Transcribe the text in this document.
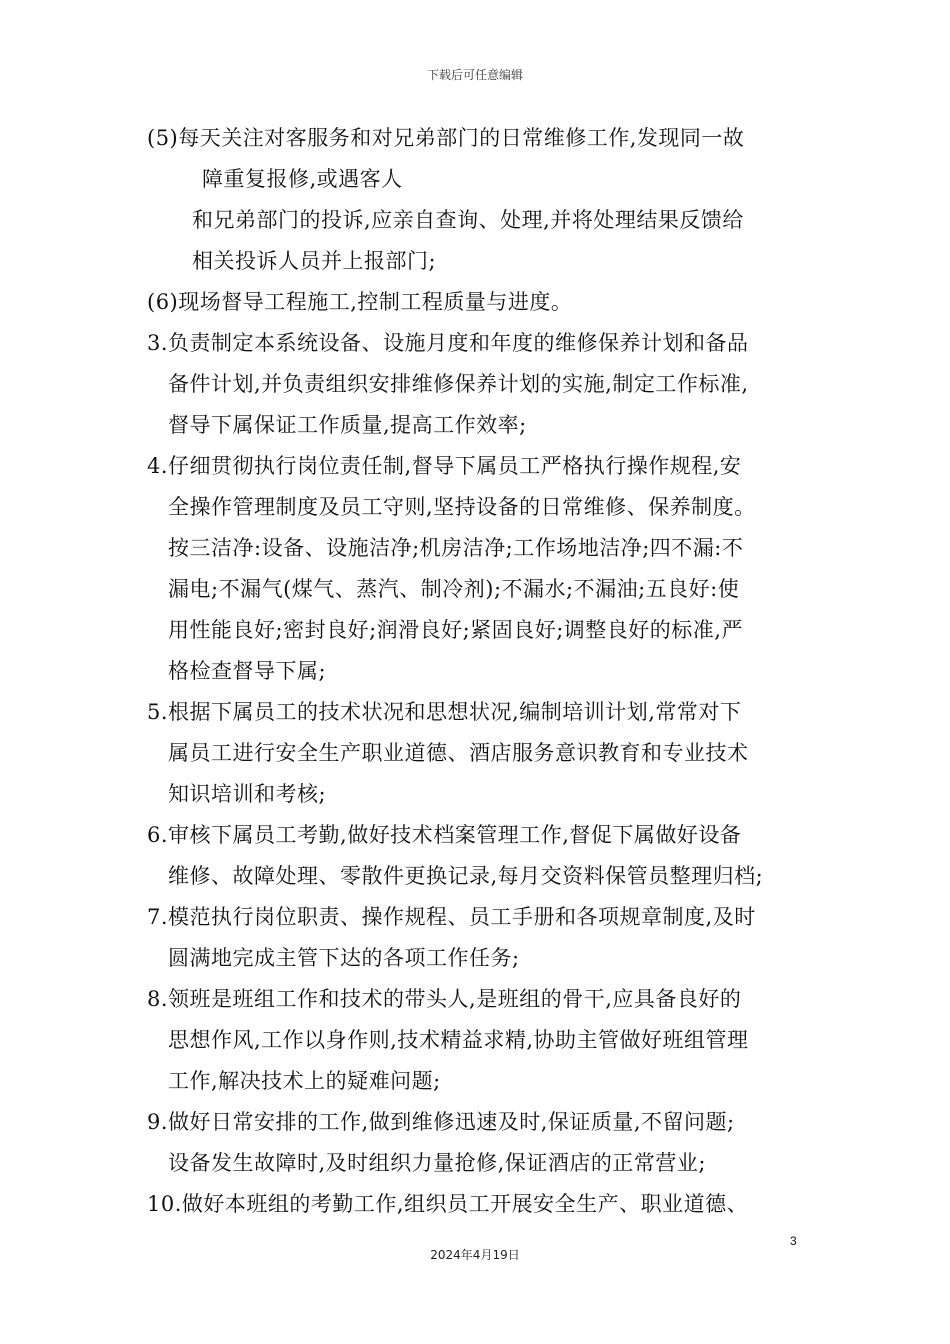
下载后可任意编辑
(5)每天关注对客服务和对兄弟部门的日常维修工作,发现同一故
障重复报修,或遇客人
和兄弟部门的投诉,应亲自查询、处理,并将处理结果反馈给
相关投诉人员并上报部门;
(6)现场督导工程施工,控制工程质量与进度。
3.负责制定本系统设备、设施月度和年度的维修保养计划和备品
备件计划,并负责组织安排维修保养计划的实施,制定工作标准,
督导下属保证工作质量,提高工作效率;
4.仔细贯彻执行岗位责任制,督导下属员工严格执行操作规程,安
全操作管理制度及员工守则,坚持设备的日常维修、保养制度。
按三洁净:设备、设施洁净;机房洁净;工作场地洁净;四不漏:不
漏电;不漏气(煤气、蒸汽、制冷剂);不漏水;不漏油;五良好:使
用性能良好;密封良好;润滑良好;紧固良好;调整良好的标准,严
格检查督导下属;
5.根据下属员工的技术状况和思想状况,编制培训计划,常常对下
属员工进行安全生产职业道德、酒店服务意识教育和专业技术
知识培训和考核;
6.审核下属员工考勤,做好技术档案管理工作,督促下属做好设备
维修、故障处理、零散件更换记录,每月交资料保管员整理归档;
7.模范执行岗位职责、操作规程、员工手册和各项规章制度,及时
圆满地完成主管下达的各项工作任务;
8.领班是班组工作和技术的带头人,是班组的骨干,应具备良好的
思想作风,工作以身作则,技术精益求精,协助主管做好班组管理
工作,解决技术上的疑难问题;
9.做好日常安排的工作,做到维修迅速及时,保证质量,不留问题;
设备发生故障时,及时组织力量抢修,保证酒店的正常营业;
10.做好本班组的考勤工作,组织员工开展安全生产、职业道德、
3
2024年4月19日
